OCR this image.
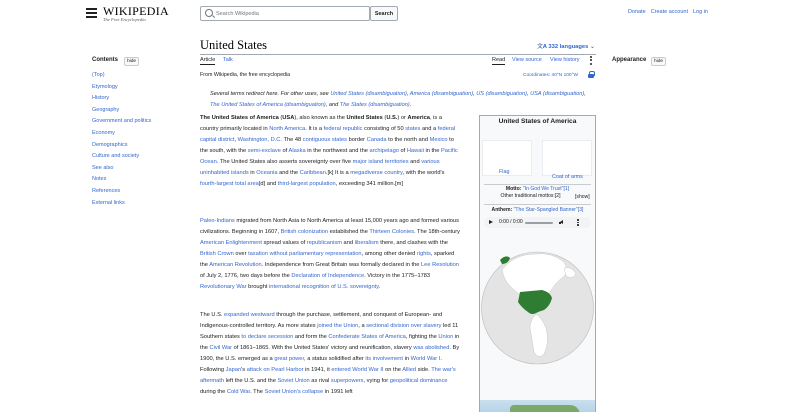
WIKIPEDIA
The Free Encyclopedia
Search Wikipedia
Search	Donate Create account Log in
Contents	hide
(Top)
Etymology
History
Geography
Government and politics
Economy
Demographics
Culture and society
See also
Notes
References
External links
United States	文A 332 languages ⌄
Article Talk	Read View source View history
From Wikipedia, the free encyclopedia	Coordinates: 40°N 100°W
Several terms redirect here. For other uses, see United States (disambiguation), America (disambiguation), US (disambiguation), USA (disambiguation), The United States of America (disambiguation), and The States (disambiguation).

The United States of America (USA), also known as the United States (U.S.) or America, is a country primarily located in North America. It is a federal republic consisting of 50 states and a federal capital district, Washington, D.C. The 48 contiguous states border Canada to the north and Mexico to the south, with the semi-exclave of Alaska in the northwest and the archipelago of Hawaii in the Pacific Ocean. The United States also asserts sovereignty over five major island territories and various uninhabited islands in Oceania and the Caribbean.[k] It is a megadiverse country, with the world's fourth-largest total area[d] and third-largest population, exceeding 341 million.[m]

Paleo-Indians migrated from North Asia to North America at least 15,000 years ago and formed various civilizations. Beginning in 1607, British colonization established the Thirteen Colonies. The 18th-century American Enlightenment spread values of republicanism and liberalism there, and clashes with the British Crown over taxation without parliamentary representation, among other denied rights, sparked the American Revolution. Independence from Great Britain was formally declared in the Lee Resolution of July 2, 1776, two days before the Declaration of Independence. Victory in the 1775–1783 Revolutionary War brought international recognition of U.S. sovereignty.

The U.S. expanded westward through the purchase, settlement, and conquest of European- and Indigenous-controlled territory. As more states joined the Union, a sectional division over slavery led 11 Southern states to declare secession and form the Confederate States of America, fighting the Union in the Civil War of 1861–1865. With the United States' victory and reunification, slavery was abolished. By 1900, the U.S. emerged as a great power, a status solidified after its involvement in World War I. Following Japan's attack on Pearl Harbor in 1941, it entered World War II on the Allied side. The war's aftermath left the U.S. and the Soviet Union as rival superpowers, vying for geopolitical dominance during the Cold War. The Soviet Union's collapse in 1991 left

United States of America
Flag
Coat of arms
Motto: "In God We Trust"[1]
Other traditional mottos:[2]	[show]
Anthem: "The Star-Spangled Banner"[3]
0:00 / 0:00
Appearance	hide
